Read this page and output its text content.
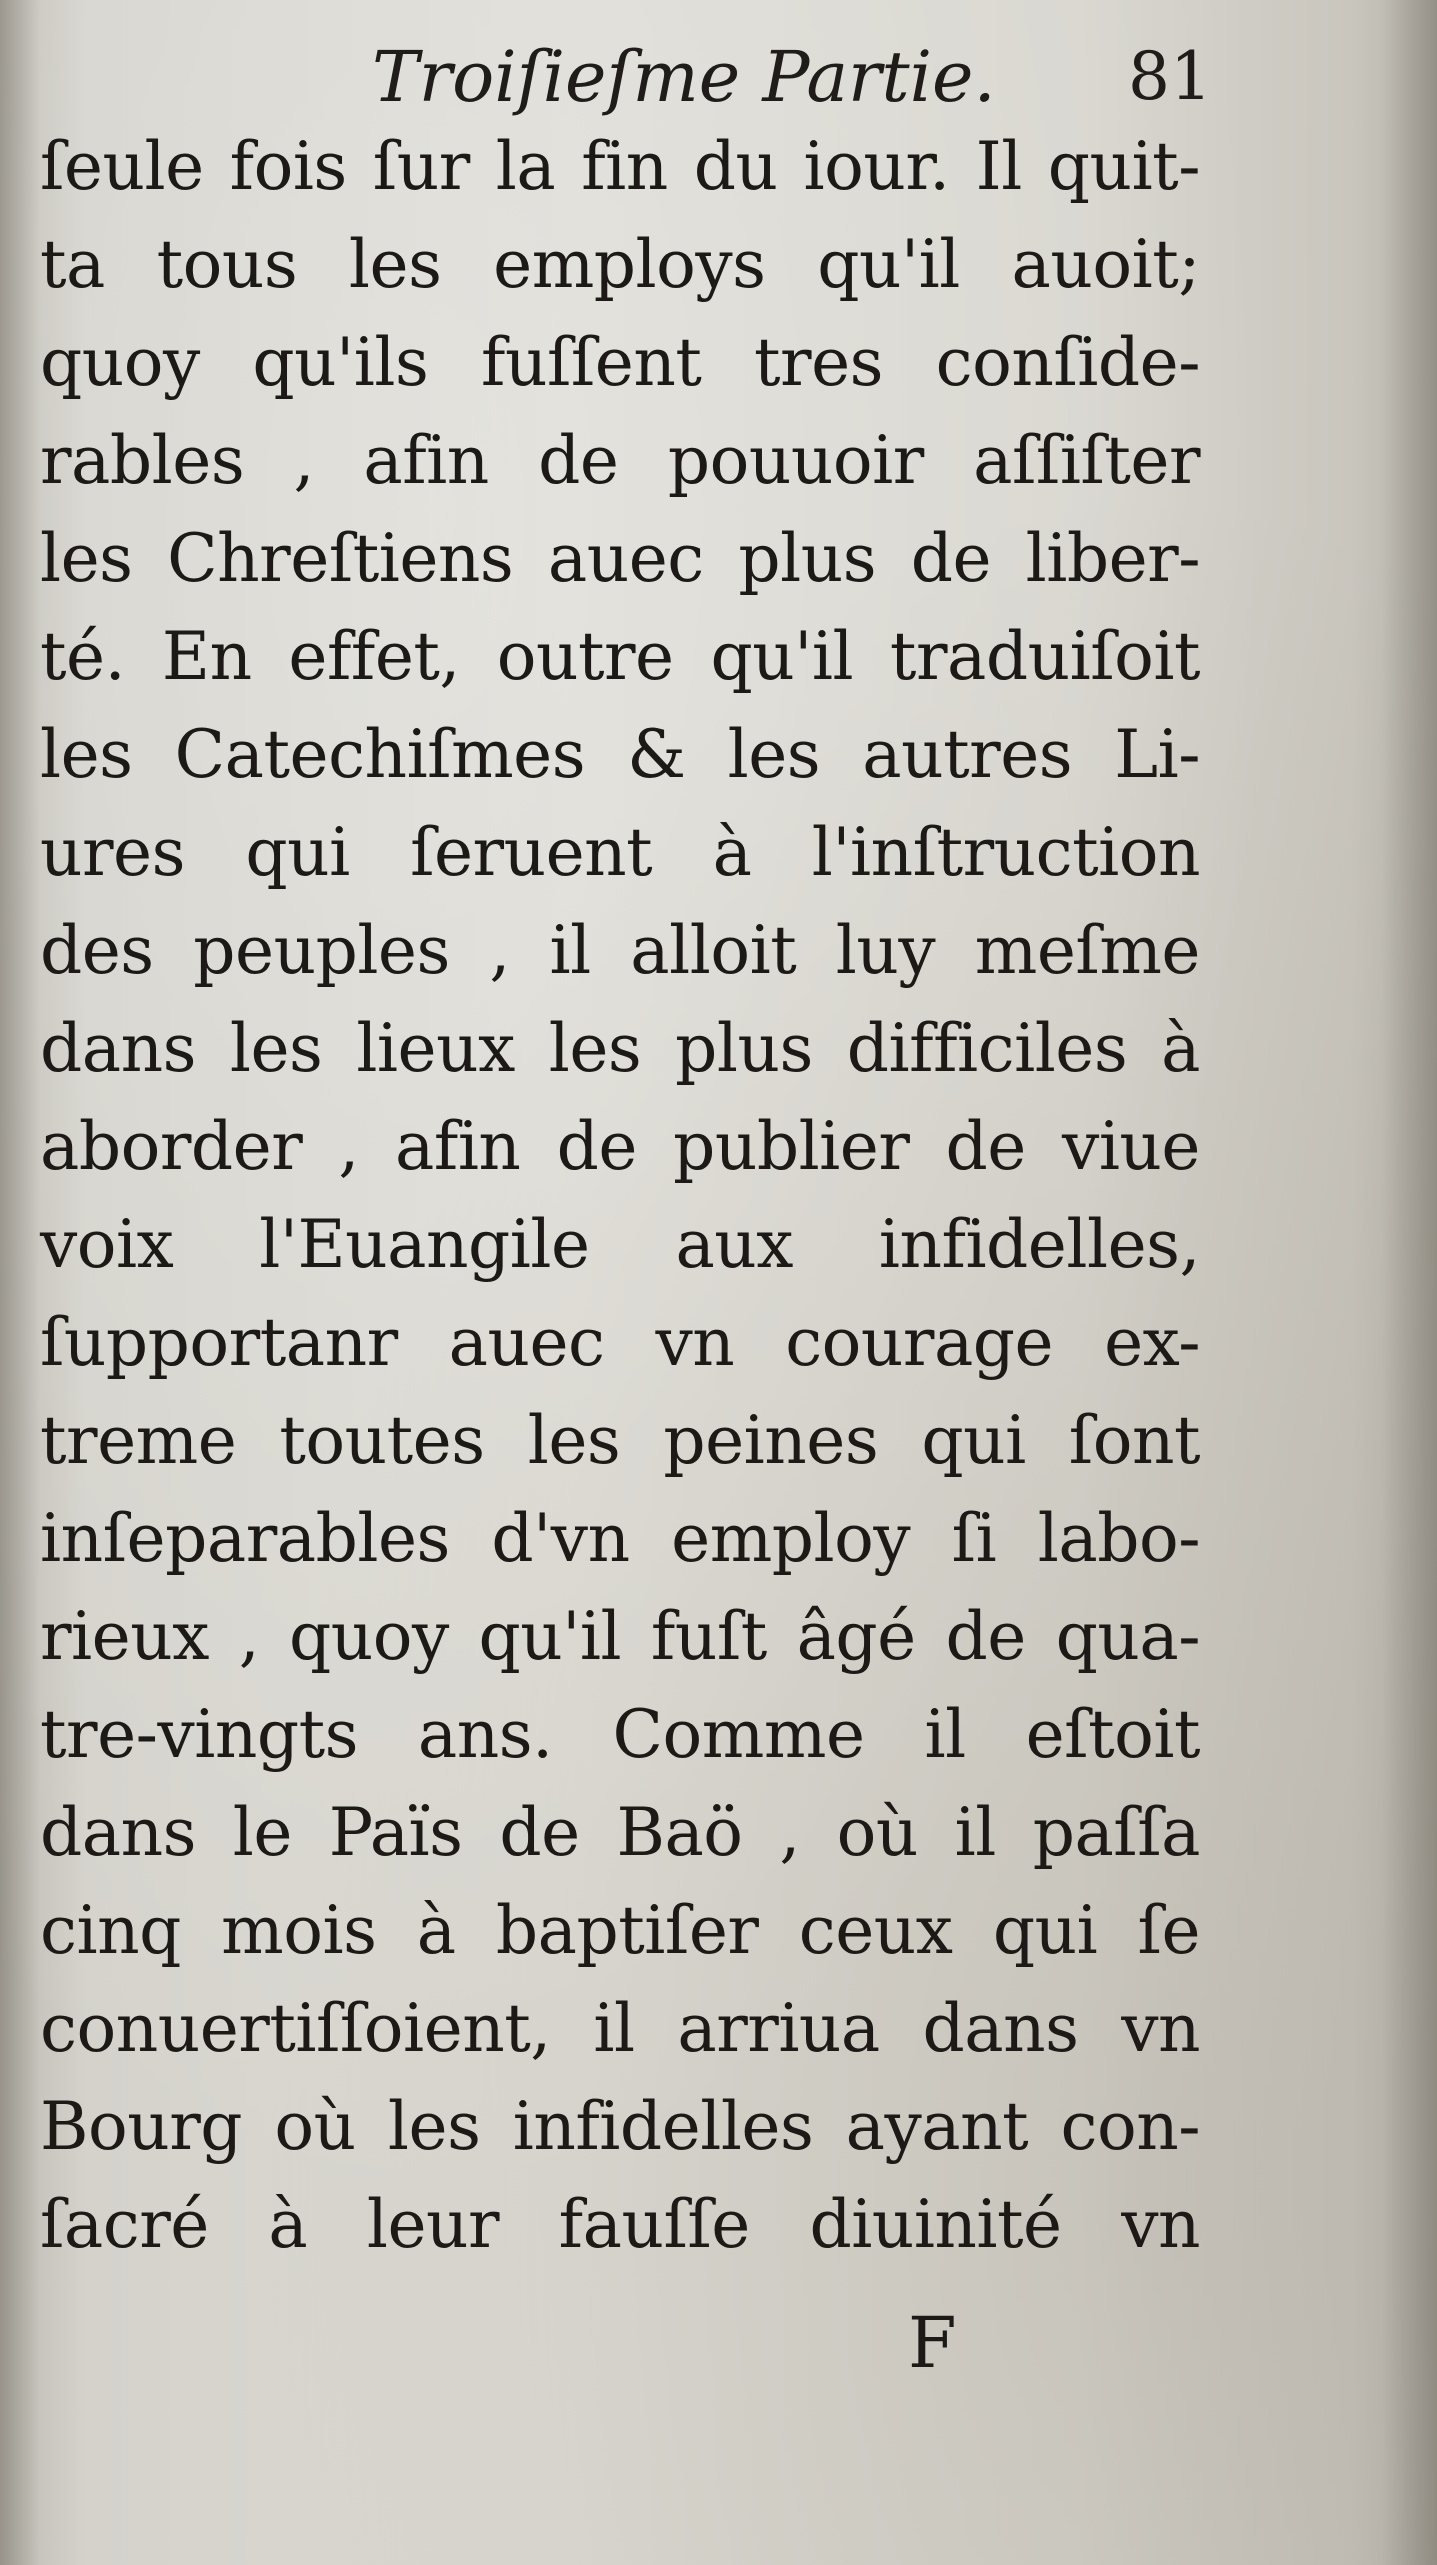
Troiſieſme Partie. 81
ſeule fois ſur la fin du iour. Il quit-
ta tous les employs qu'il auoit;
quoy qu'ils fuſſent tres conſide-
rables , afin de pouuoir aſſiſter
les Chreſtiens auec plus de liber-
té. En effet, outre qu'il traduiſoit
les Catechiſmes & les autres Li-
ures qui ſeruent à l'inſtruction
des peuples , il alloit luy meſme
dans les lieux les plus difficiles à
aborder , afin de publier de viue
voix l'Euangile aux infidelles,
ſupportanr auec vn courage ex-
treme toutes les peines qui ſont
inſeparables d'vn employ ſi labo-
rieux , quoy qu'il fuſt âgé de qua-
tre-vingts ans. Comme il eſtoit
dans le Païs de Baö , où il paſſa
cinq mois à baptiſer ceux qui ſe
conuertiſſoient, il arriua dans vn
Bourg où les infidelles ayant con-
ſacré à leur fauſſe diuinité vn
F
